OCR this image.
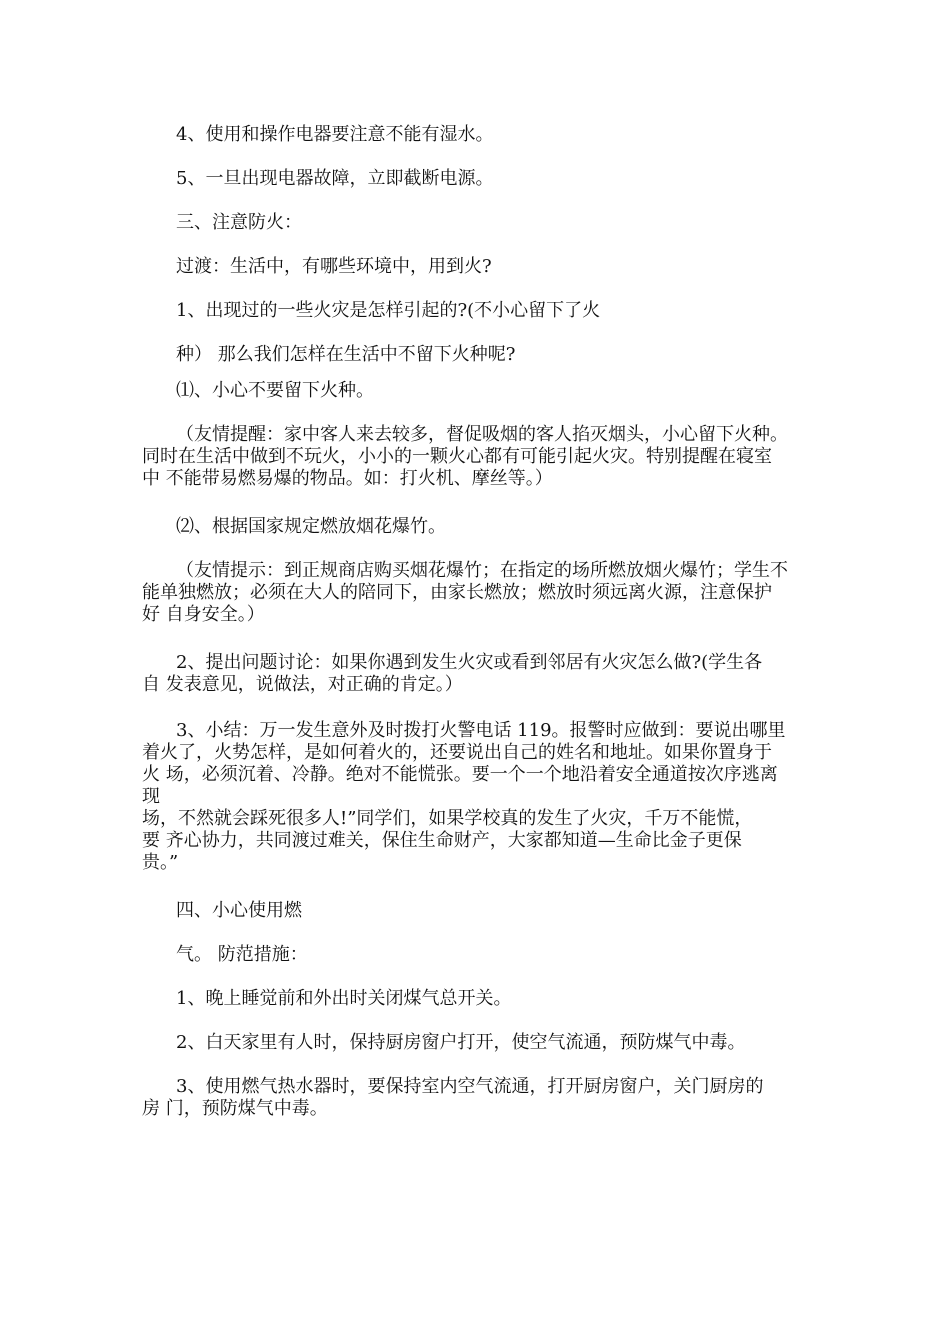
4、使用和操作电器要注意不能有湿水。

5、一旦出现电器故障，立即截断电源。

三、注意防火：

过渡：生活中，有哪些环境中，用到火?

1、出现过的一些火灾是怎样引起的?(不小心留下了火

种） 那么我们怎样在生活中不留下火种呢?

⑴、小心不要留下火种。

（友情提醒：家中客人来去较多，督促吸烟的客人掐灭烟头，小心留下火种。
同时在生活中做到不玩火，小小的一颗火心都有可能引起火灾。特别提醒在寝室
中 不能带易燃易爆的物品。如：打火机、摩丝等。）

⑵、根据国家规定燃放烟花爆竹。

（友情提示：到正规商店购买烟花爆竹；在指定的场所燃放烟火爆竹；学生不
能单独燃放；必须在大人的陪同下，由家长燃放；燃放时须远离火源，注意保护
好 自身安全。）
2、提出问题讨论：如果你遇到发生火灾或看到邻居有火灾怎么做?(学生各
自 发表意见，说做法，对正确的肯定。）
3、小结：万一发生意外及时拨打火警电话 119。报警时应做到：要说出哪里
着火了，火势怎样，是如何着火的，还要说出自己的姓名和地址。如果你置身于
火 场，必须沉着、冷静。绝对不能慌张。要一个一个地沿着安全通道按次序逃离
现
场，不然就会踩死很多人!”同学们，如果学校真的发生了火灾，千万不能慌，
要 齐心协力，共同渡过难关，保住生命财产，大家都知道—生命比金子更保
贵。”

四、小心使用燃

气。 防范措施：

1、晚上睡觉前和外出时关闭煤气总开关。

2、白天家里有人时，保持厨房窗户打开，使空气流通，预防煤气中毒。

3、使用燃气热水器时，要保持室内空气流通，打开厨房窗户，关门厨房的
房 门，预防煤气中毒。
